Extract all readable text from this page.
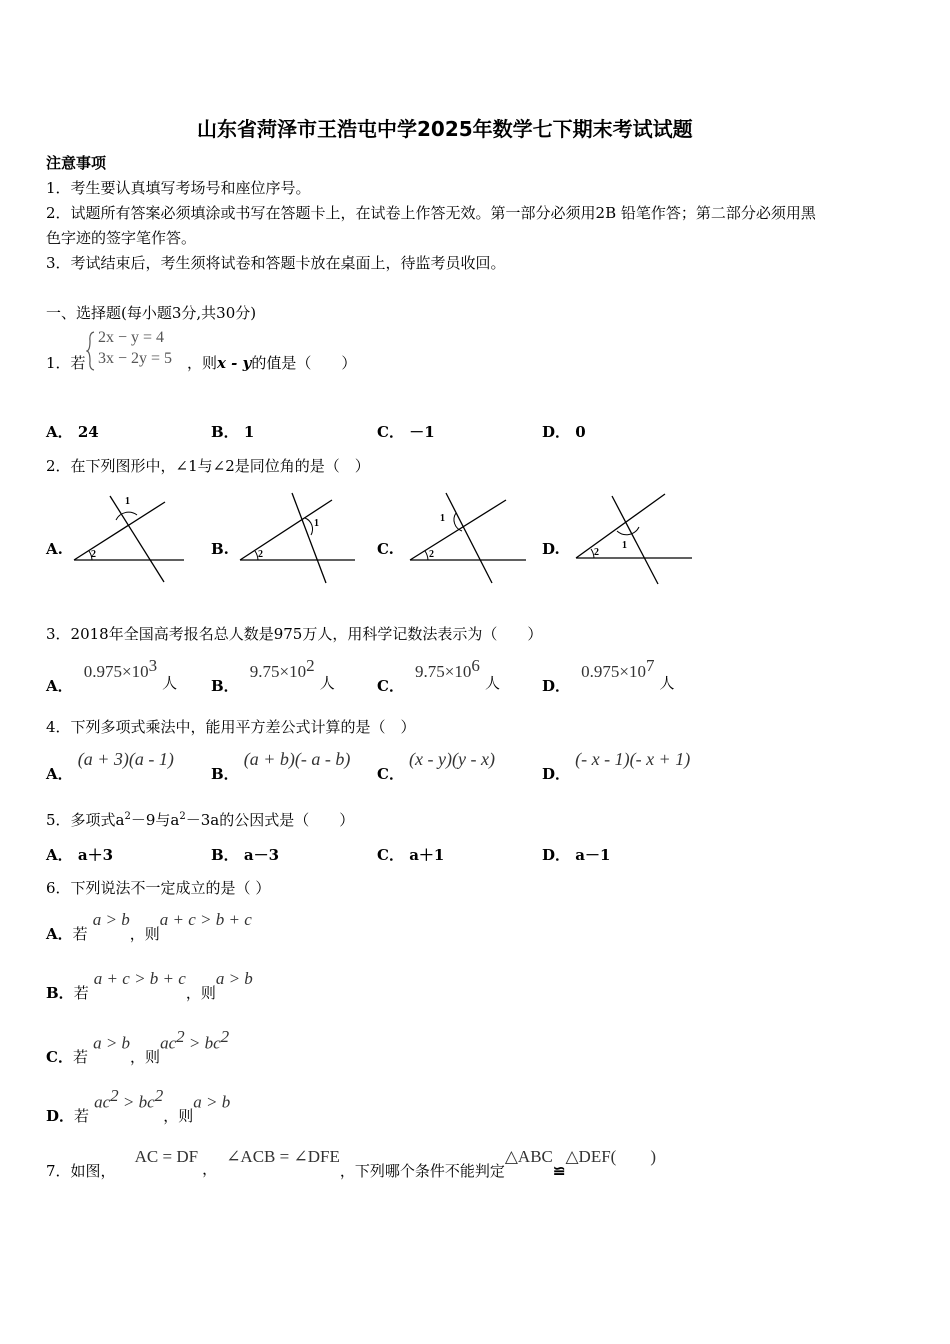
山东省菏泽市王浩屯中学2025年数学七下期末考试试题
注意事项
1．考生要认真填写考场号和座位序号。
2．试题所有答案必须填涂或书写在答题卡上，在试卷上作答无效。第一部分必须用2B 铅笔作答；第二部分必须用黑
色字迹的签字笔作答。
3．考试结束后，考生须将试卷和答题卡放在桌面上，待监考员收回。
一、选择题(每小题3分,共30分)
1．若
2x − y = 4
3x − 2y = 5 ，则x - y的值是（　　）
A． 24	B． 1	C． －1	D． 0
2．在下列图形中，∠1与∠2是同位角的是（　）
A.
1
2	B.
1
2	C.
1
2	D.	1
2
3．2018年全国高考报名总人数是975万人，用科学记数法表示为（　　）
A． $0.975\times 10^3$ 人 B． $9.75\times 10^2$ 人	C． $9.75\times 10^6$ 人	D． $0.975\times 10^7$ 人
4．下列多项式乘法中，能用平方差公式计算的是（　）
A． (a + 3)(a - 1)
B． (a + b)(- a - b)
C． (x - y)(y - x)
D． (- x - 1)(- x + 1)
5．多项式$a^2-9$与$a^2-3a$的公因式是（　　）
A． a＋3	B． a－3	C． a＋1	D． a－1
6．下列说法不一定成立的是（ ）
A．若 a > b，则a + c > b + c
B．若 a + c > b + c，则a > b
C．若 a > b，则$ac^2 > bc^2$
D．若 $ac^2 > bc^2$，则a > b
7．如图， AC = DF， ∠ACB = ∠DFE，下列哪个条件不能判定△ABC≌△DEF( )
